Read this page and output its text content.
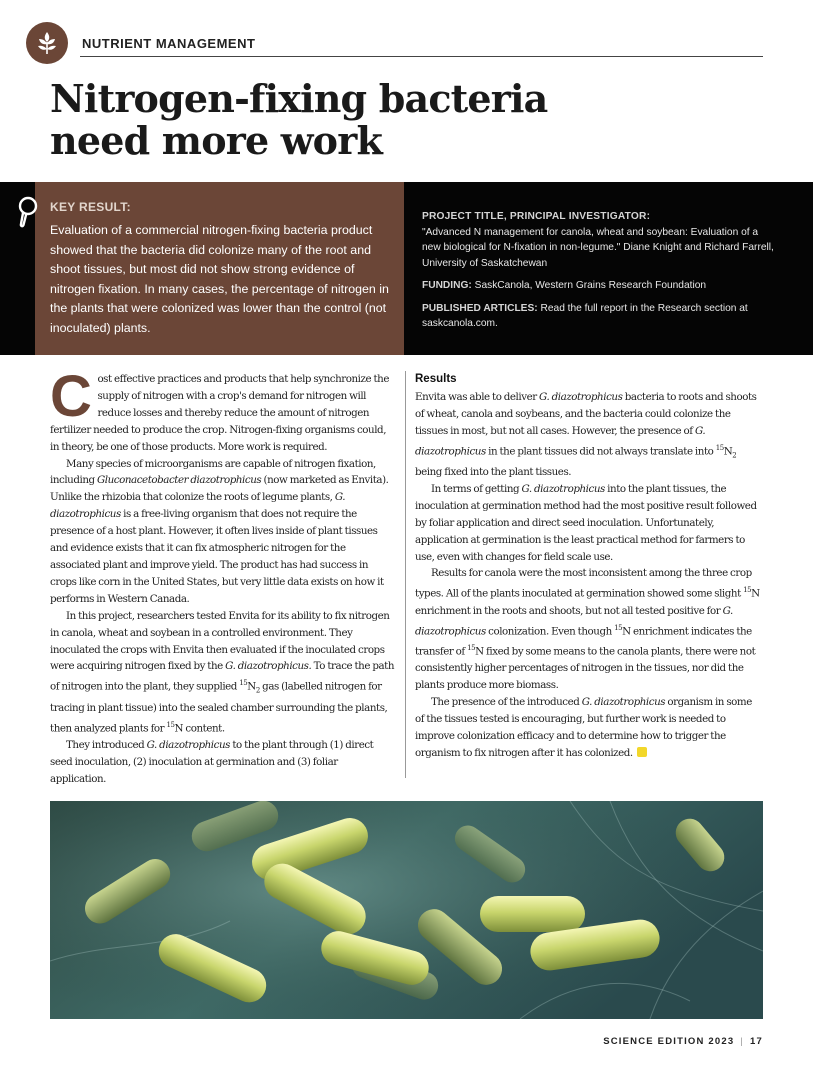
NUTRIENT MANAGEMENT
Nitrogen-fixing bacteria
need more work
KEY RESULT:
Evaluation of a commercial nitrogen-fixing bacteria product showed that the bacteria did colonize many of the root and shoot tissues, but most did not show strong evidence of nitrogen fixation. In many cases, the percentage of nitrogen in the plants that were colonized was lower than the control (not inoculated) plants.
PROJECT TITLE, PRINCIPAL INVESTIGATOR:
"Advanced N management for canola, wheat and soybean: Evaluation of a new biological for N-fixation in non-legume." Diane Knight and Richard Farrell, University of Saskatchewan
FUNDING: SaskCanola, Western Grains Research Foundation
PUBLISHED ARTICLES: Read the full report in the Research section at saskcanola.com.

Cost effective practices and products that help synchronize the supply of nitrogen with a crop's demand for nitrogen will reduce losses and thereby reduce the amount of nitrogen fertilizer needed to produce the crop. Nitrogen-fixing organisms could, in theory, be one of those products. More work is required.

Many species of microorganisms are capable of nitrogen fixation, including Gluconacetobacter diazotrophicus (now marketed as Envita). Unlike the rhizobia that colonize the roots of legume plants, G. diazotrophicus is a free-living organism that does not require the presence of a host plant. However, it often lives inside of plant tissues and evidence exists that it can fix atmospheric nitrogen for the associated plant and improve yield. The product has had success in crops like corn in the United States, but very little data exists on how it performs in Western Canada.

In this project, researchers tested Envita for its ability to fix nitrogen in canola, wheat and soybean in a controlled environment. They inoculated the crops with Envita then evaluated if the inoculated crops were acquiring nitrogen fixed by the G. diazotrophicus. To trace the path of nitrogen into the plant, they supplied $^{15}N_2$ gas (labelled nitrogen for tracing in plant tissue) into the sealed chamber surrounding the plants, then analyzed plants for $^{15}$N content.

They introduced G. diazotrophicus to the plant through (1) direct seed inoculation, (2) inoculation at germination and (3) foliar application.

Results

Envita was able to deliver G. diazotrophicus bacteria to roots and shoots of wheat, canola and soybeans, and the bacteria could colonize the tissues in most, but not all cases. However, the presence of G. diazotrophicus in the plant tissues did not always translate into $^{15}N_2$ being fixed into the plant tissues.

In terms of getting G. diazotrophicus into the plant tissues, the inoculation at germination method had the most positive result followed by foliar application and direct seed inoculation. Unfortunately, application at germination is the least practical method for farmers to use, even with changes for field scale use.

Results for canola were the most inconsistent among the three crop types. All of the plants inoculated at germination showed some slight $^{15}$N enrichment in the roots and shoots, but not all tested positive for G. diazotrophicus colonization. Even though $^{15}$N enrichment indicates the transfer of $^{15}$N fixed by some means to the canola plants, there were not consistently higher percentages of nitrogen in the tissues, nor did the plants produce more biomass.

The presence of the introduced G. diazotrophicus organism in some of the tissues tested is encouraging, but further work is needed to improve colonization efficacy and to determine how to trigger the organism to fix nitrogen after it has colonized.

SCIENCE EDITION 2023 | 17
